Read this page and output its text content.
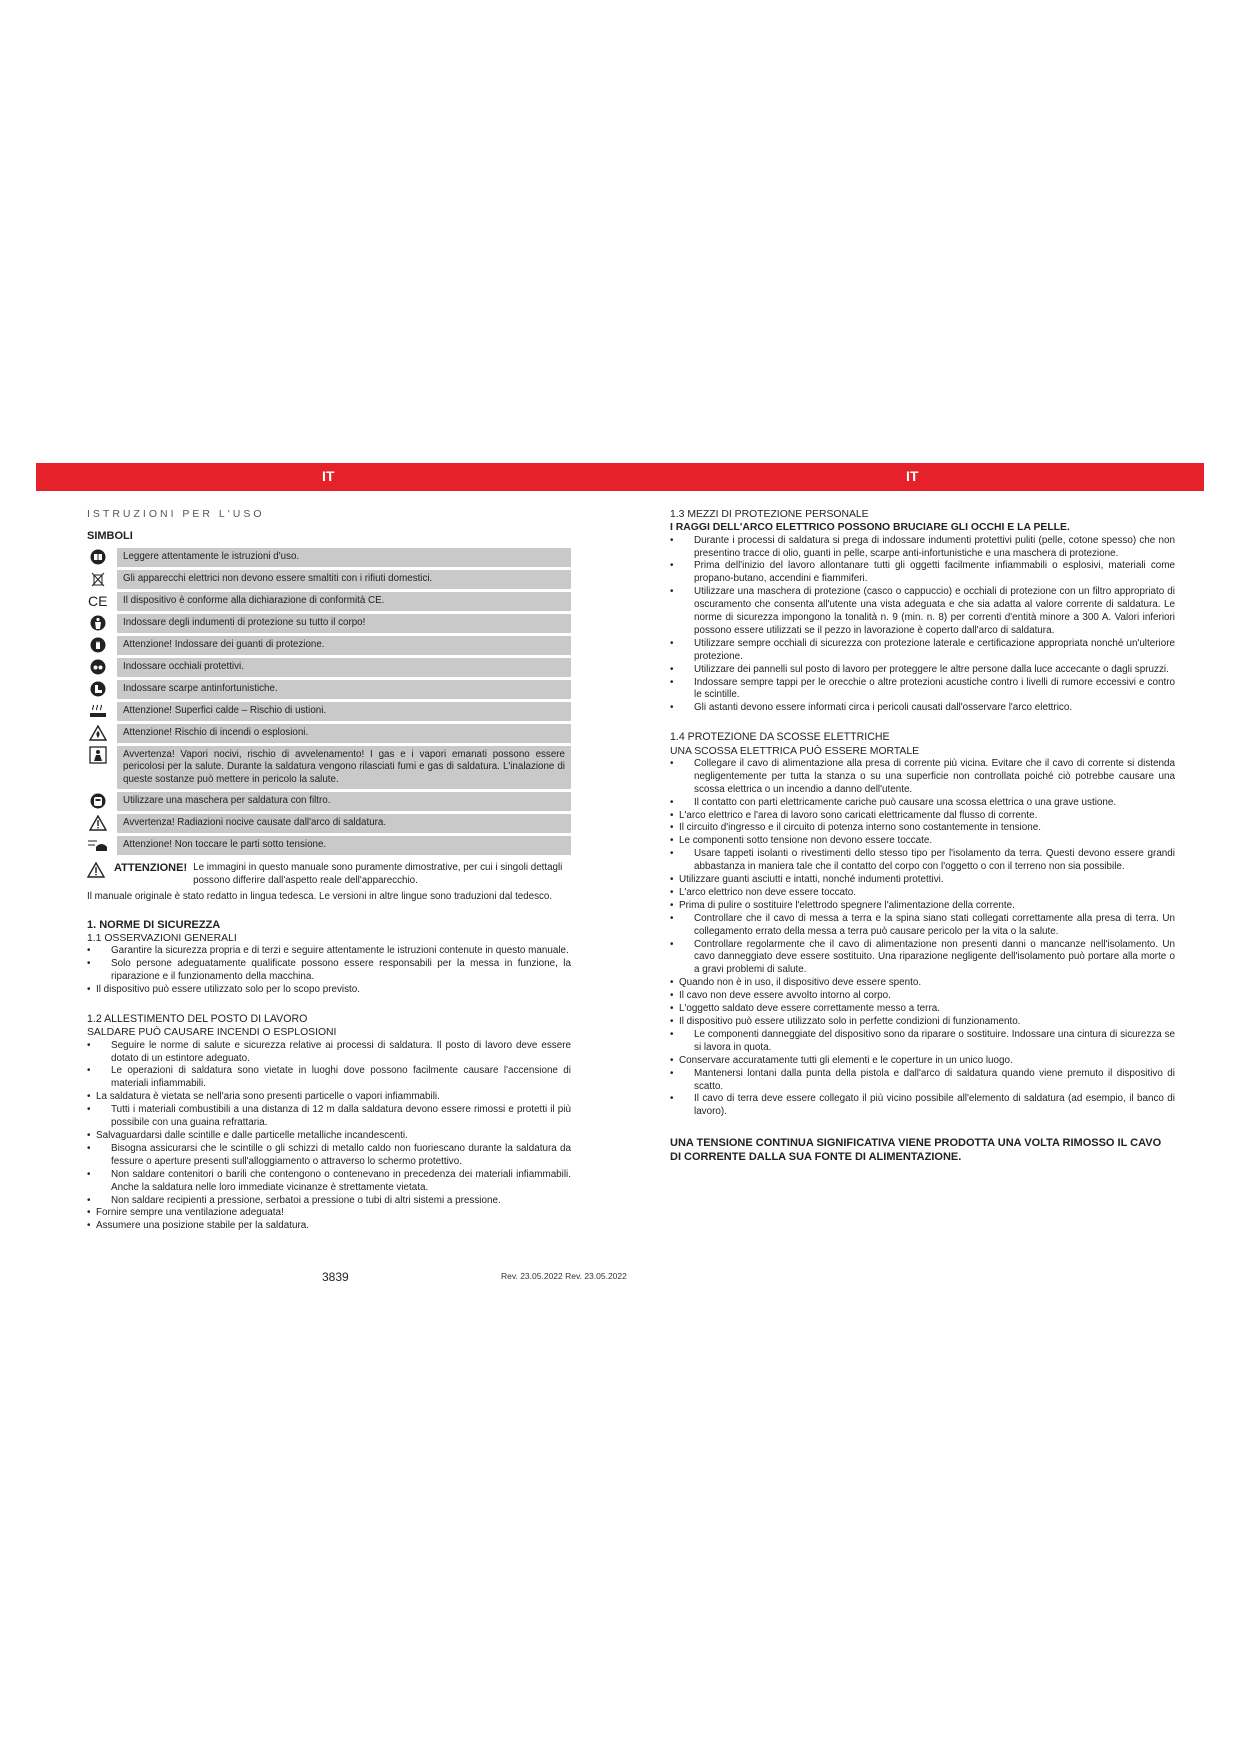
IT	IT
ISTRUZIONI PER L'USO
SIMBOLI
Leggere attentamente le istruzioni d'uso.
Gli apparecchi elettrici non devono essere smaltiti con i rifiuti domestici.
CE	Il dispositivo è conforme alla dichiarazione di conformità CE.
Indossare degli indumenti di protezione su tutto il corpo!
Attenzione! Indossare dei guanti di protezione.
Indossare occhiali protettivi.
Indossare scarpe antinfortunistiche.
Attenzione! Superfici calde – Rischio di ustioni.
Attenzione! Rischio di incendi o esplosioni.
Avvertenza! Vapori nocivi, rischio di avvelenamento! I gas e i vapori emanati possono essere pericolosi per la salute. Durante la saldatura vengono rilasciati fumi e gas di saldatura. L'inalazione di queste sostanze può mettere in pericolo la salute.
Utilizzare una maschera per saldatura con filtro.
Avvertenza! Radiazioni nocive causate dall'arco di saldatura.
Attenzione! Non toccare le parti sotto tensione.
ATTENZIONE! Le immagini in questo manuale sono puramente dimostrative, per cui i singoli dettagli possono differire dall'aspetto reale dell'apparecchio.
Il manuale originale è stato redatto in lingua tedesca. Le versioni in altre lingue sono traduzioni dal tedesco.
1. NORME DI SICUREZZA
1.1 OSSERVAZIONI GENERALI
• Garantire la sicurezza propria e di terzi e seguire attentamente le istruzioni contenute in questo manuale.
• Solo persone adeguatamente qualificate possono essere responsabili per la messa in funzione, la riparazione e il funzionamento della macchina.
• Il dispositivo può essere utilizzato solo per lo scopo previsto.
1.2 ALLESTIMENTO DEL POSTO DI LAVORO
SALDARE PUÒ CAUSARE INCENDI O ESPLOSIONI
• Seguire le norme di salute e sicurezza relative ai processi di saldatura. Il posto di lavoro deve essere dotato di un estintore adeguato.
• Le operazioni di saldatura sono vietate in luoghi dove possono facilmente causare l'accensione di materiali infiammabili.
• La saldatura è vietata se nell'aria sono presenti particelle o vapori infiammabili.
• Tutti i materiali combustibili a una distanza di 12 m dalla saldatura devono essere rimossi e protetti il più possibile con una guaina refrattaria.
• Salvaguardarsi dalle scintille e dalle particelle metalliche incandescenti.
• Bisogna assicurarsi che le scintille o gli schizzi di metallo caldo non fuoriescano durante la saldatura da fessure o aperture presenti sull'alloggiamento o attraverso lo schermo protettivo.
• Non saldare contenitori o barili che contengono o contenevano in precedenza dei materiali infiammabili. Anche la saldatura nelle loro immediate vicinanze è strettamente vietata.
• Non saldare recipienti a pressione, serbatoi a pressione o tubi di altri sistemi a pressione.
• Fornire sempre una ventilazione adeguata!
• Assumere una posizione stabile per la saldatura.
1.3 MEZZI DI PROTEZIONE PERSONALE
I RAGGI DELL'ARCO ELETTRICO POSSONO BRUCIARE GLI OCCHI E LA PELLE.
• Durante i processi di saldatura si prega di indossare indumenti protettivi puliti (pelle, cotone spesso) che non presentino tracce di olio, guanti in pelle, scarpe anti-infortunistiche e una maschera di protezione.
• Prima dell'inizio del lavoro allontanare tutti gli oggetti facilmente infiammabili o esplosivi, materiali come propano-butano, accendini e fiammiferi.
• Utilizzare una maschera di protezione (casco o cappuccio) e occhiali di protezione con un filtro appropriato di oscuramento che consenta all'utente una vista adeguata e che sia adatta al valore corrente di saldatura. Le norme di sicurezza impongono la tonalità n. 9 (min. n. 8) per correnti d'entità minore a 300 A. Valori inferiori possono essere utilizzati se il pezzo in lavorazione è coperto dall'arco di saldatura.
• Utilizzare sempre occhiali di sicurezza con protezione laterale e certificazione appropriata nonché un'ulteriore protezione.
• Utilizzare dei pannelli sul posto di lavoro per proteggere le altre persone dalla luce accecante o dagli spruzzi.
• Indossare sempre tappi per le orecchie o altre protezioni acustiche contro i livelli di rumore eccessivi e contro le scintille.
• Gli astanti devono essere informati circa i pericoli causati dall'osservare l'arco elettrico.
1.4 PROTEZIONE DA SCOSSE ELETTRICHE
UNA SCOSSA ELETTRICA PUÒ ESSERE MORTALE
• Collegare il cavo di alimentazione alla presa di corrente più vicina. Evitare che il cavo di corrente si distenda negligentemente per tutta la stanza o su una superficie non controllata poiché ciò potrebbe causare una scossa elettrica o un incendio a danno dell'utente.
• Il contatto con parti elettricamente cariche può causare una scossa elettrica o una grave ustione.
• L'arco elettrico e l'area di lavoro sono caricati elettricamente dal flusso di corrente.
• Il circuito d'ingresso e il circuito di potenza interno sono costantemente in tensione.
• Le componenti sotto tensione non devono essere toccate.
• Usare tappeti isolanti o rivestimenti dello stesso tipo per l'isolamento da terra. Questi devono essere grandi abbastanza in maniera tale che il contatto del corpo con l'oggetto o con il terreno non sia possibile.
• Utilizzare guanti asciutti e intatti, nonché indumenti protettivi.
• L'arco elettrico non deve essere toccato.
• Prima di pulire o sostituire l'elettrodo spegnere l'alimentazione della corrente.
• Controllare che il cavo di messa a terra e la spina siano stati collegati correttamente alla presa di terra. Un collegamento errato della messa a terra può causare pericolo per la vita o la salute.
• Controllare regolarmente che il cavo di alimentazione non presenti danni o mancanze nell'isolamento. Un cavo danneggiato deve essere sostituito. Una riparazione negligente dell'isolamento può portare alla morte o a gravi problemi di salute.
• Quando non è in uso, il dispositivo deve essere spento.
• Il cavo non deve essere avvolto intorno al corpo.
• L'oggetto saldato deve essere correttamente messo a terra.
• Il dispositivo può essere utilizzato solo in perfette condizioni di funzionamento.
• Le componenti danneggiate del dispositivo sono da riparare o sostituire. Indossare una cintura di sicurezza se si lavora in quota.
• Conservare accuratamente tutti gli elementi e le coperture in un unico luogo.
• Mantenersi lontani dalla punta della pistola e dall'arco di saldatura quando viene premuto il dispositivo di scatto.
• Il cavo di terra deve essere collegato il più vicino possibile all'elemento di saldatura (ad esempio, il banco di lavoro).
UNA TENSIONE CONTINUA SIGNIFICATIVA VIENE PRODOTTA UNA VOLTA RIMOSSO IL CAVO DI CORRENTE DALLA SUA FONTE DI ALIMENTAZIONE.
3839	Rev. 23.05.2022 Rev. 23.05.2022
